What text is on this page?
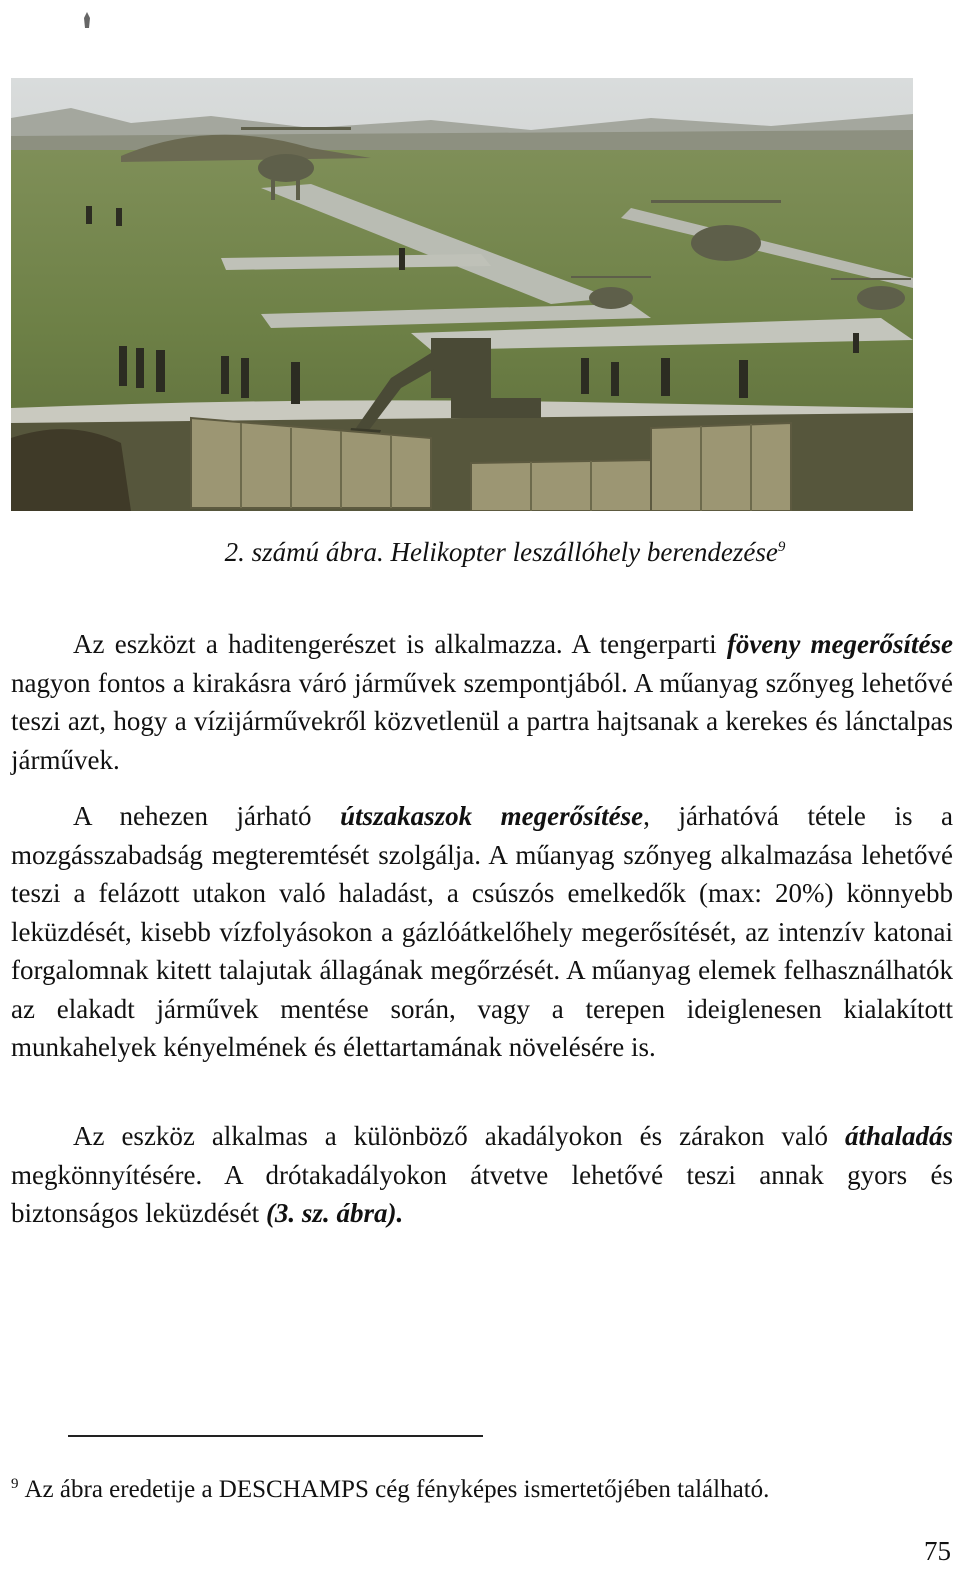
2. számú ábra. Helikopter leszállóhely berendezése$^9$

Az eszközt a haditengerészet is alkalmazza. A tengerparti föveny megerősítése nagyon fontos a kirakásra váró járművek szempontjából. A műanyag szőnyeg lehetővé teszi azt, hogy a vízijárművekről közvetlenül a partra hajtsanak a kerekes és lánctalpas járművek.

A nehezen járható útszakaszok megerősítése, járhatóvá tétele is a mozgásszabadság megteremtését szolgálja. A műanyag szőnyeg alkalmazása lehetővé teszi a felázott utakon való haladást, a csúszós emelkedők (max: 20%) könnyebb leküzdését, kisebb vízfolyásokon a gázlóátkelőhely megerősítését, az intenzív katonai forgalomnak kitett talajutak állagának megőrzését. A műanyag elemek felhasználhatók az elakadt járművek mentése során, vagy a terepen ideiglenesen kialakított munkahelyek kényelmének és élettartamának növelésére is.

Az eszköz alkalmas a különböző akadályokon és zárakon való áthaladás megkönnyítésére. A drótakadályokon átvetve lehetővé teszi annak gyors és biztonságos leküzdését (3. sz. ábra).

$^9$ Az ábra eredetije a DESCHAMPS cég fényképes ismertetőjében található.
75
